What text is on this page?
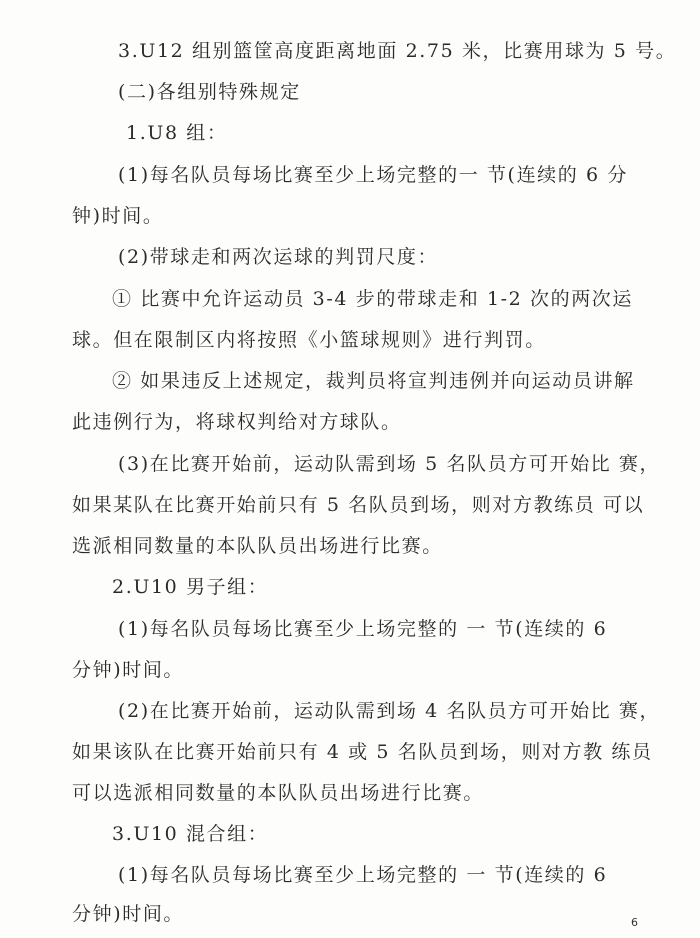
3.U12 组别篮筐高度距离地面 2.75 米，比赛用球为 5 号。
(二)各组别特殊规定
1.U8 组：
(1)每名队员每场比赛至少上场完整的一 节(连续的 6 分
钟)时间。
(2)带球走和两次运球的判罚尺度：
① 比赛中允许运动员 3-4 步的带球走和 1-2 次的两次运
球。但在限制区内将按照《小篮球规则》进行判罚。
② 如果违反上述规定，裁判员将宣判违例并向运动员讲解
此违例行为，将球权判给对方球队。
(3)在比赛开始前，运动队需到场 5 名队员方可开始比 赛，
如果某队在比赛开始前只有 5 名队员到场，则对方教练员 可以
选派相同数量的本队队员出场进行比赛。
2.U10 男子组：
(1)每名队员每场比赛至少上场完整的 一 节(连续的 6
分钟)时间。
(2)在比赛开始前，运动队需到场 4 名队员方可开始比 赛，
如果该队在比赛开始前只有 4 或 5 名队员到场，则对方教 练员
可以选派相同数量的本队队员出场进行比赛。
3.U10 混合组：
(1)每名队员每场比赛至少上场完整的 一 节(连续的 6
分钟)时间。	6
